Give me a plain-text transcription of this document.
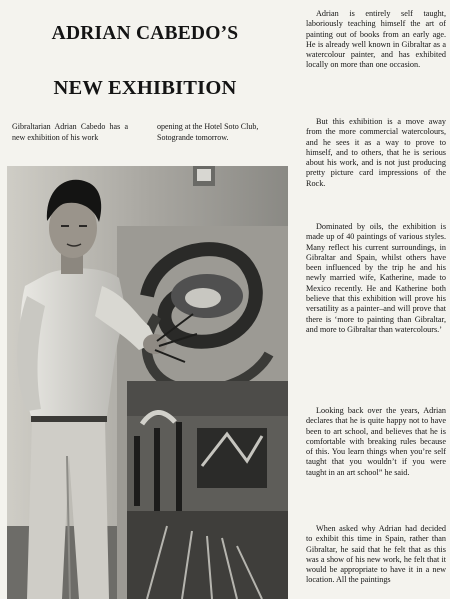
ADRIAN CABEDO’S
NEW EXHIBITION

Gibraltarian Adrian Cabedo has a new exhibition of his work

opening at the Hotel Soto Club, Sotogrande tomorrow.

Adrian is entirely self taught, laboriously teaching himself the art of painting out of books from an early age. He is already well known in Gibraltar as a watercolour painter, and has exhibited locally on more than one occasion.

But this exhibition is a move away from the more commercial watercolours, and he sees it as a way to prove to himself, and to others, that he is serious about his work, and is not just producing pretty picture card impressions of the Rock.

Dominated by oils, the exhibition is made up of 40 paintings of various styles. Many reflect his current surroundings, in Gibraltar and Spain, whilst others have been influenced by the trip he and his newly married wife, Katherine, made to Mexico recently. He and Katherine both believe that this exhibition will prove his versatility as a painter–and will prove that there is ‘more to painting than Gibraltar, and more to Gibraltar than watercolours.’

Looking back over the years, Adrian declares that he is quite happy not to have been to art school, and believes that he is comfortable with breaking rules because of this. You learn things when you’re self taught that you wouldn’t if you were taught in an art school” he said.

When asked why Adrian had decided to exhibit this time in Spain, rather than Gibraltar, he said that he felt that as this was a show of his new work, he felt that it would be appropriate to have it in a new location. All the paintings
